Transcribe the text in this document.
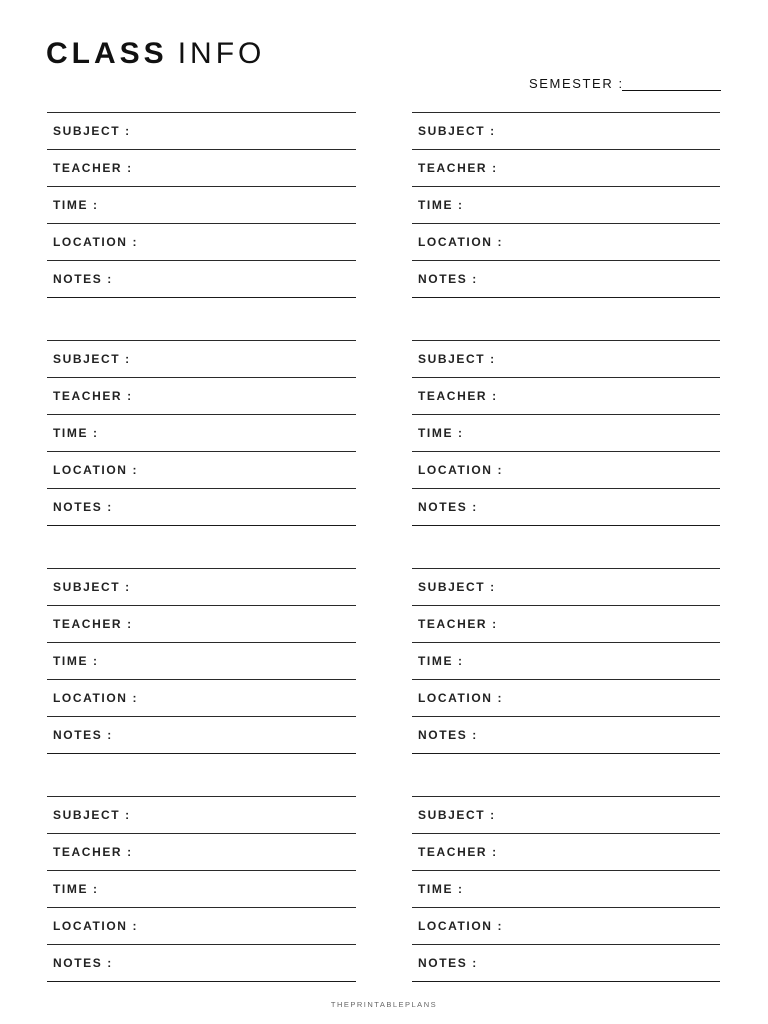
CLASS INFO
SEMESTER :
SUBJECT :
TEACHER :
TIME :
LOCATION :
NOTES :
SUBJECT :
TEACHER :
TIME :
LOCATION :
NOTES :
SUBJECT :
TEACHER :
TIME :
LOCATION :
NOTES :
SUBJECT :
TEACHER :
TIME :
LOCATION :
NOTES :
SUBJECT :
TEACHER :
TIME :
LOCATION :
NOTES :
SUBJECT :
TEACHER :
TIME :
LOCATION :
NOTES :
SUBJECT :
TEACHER :
TIME :
LOCATION :
NOTES :
SUBJECT :
TEACHER :
TIME :
LOCATION :
NOTES :
THEPRINTABLEPLANS
